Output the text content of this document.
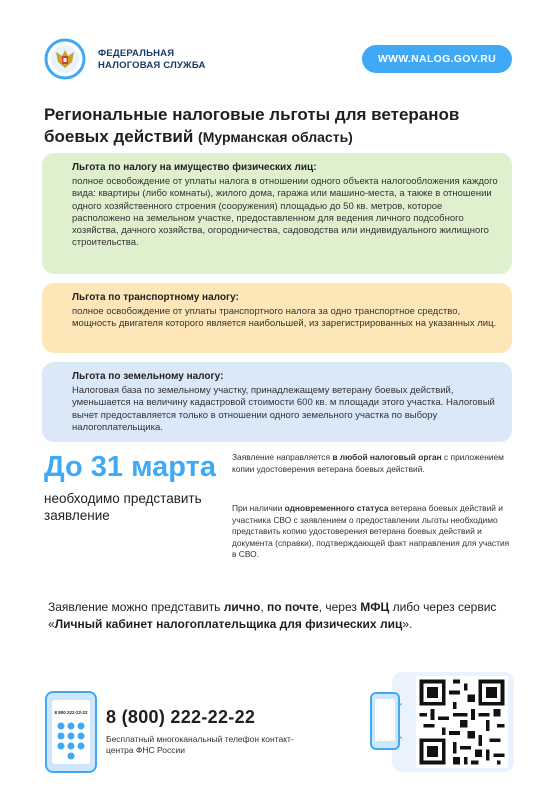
ФЕДЕРАЛЬНАЯ
НАЛОГОВАЯ СЛУЖБА
WWW.NALOG.GOV.RU
Региональные налоговые льготы для ветеранов боевых действий (Мурманская область)
Льгота по налогу на имущество физических лиц:
полное освобождение от уплаты налога в отношении одного объекта налогообложения каждого вида: квартиры (либо комнаты), жилого дома, гаража или машино-места, а также в отношении одного хозяйственного строения (сооружения) площадью до 50 кв. метров, которое расположено на земельном участке, предоставленном для ведения личного подсобного хозяйства, дачного хозяйства, огородничества, садоводства или индивидуального жилищного строительства.
Льгота по транспортному налогу:
полное освобождение от уплаты транспортного налога за одно транспортное средство, мощность двигателя которого является наибольшей, из зарегистрированных на указанных лиц.
Льгота по земельному налогу:
Налоговая база по земельному участку, принадлежащему ветерану боевых действий, уменьшается на величину кадастровой стоимости 600 кв. м площади этого участка. Налоговый вычет предоставляется только в отношении одного земельного участка по выбору налогоплательщика.
До 31 марта
необходимо представить заявление
Заявление направляется в любой налоговый орган с приложением копии удостоверения ветерана боевых действий.
При наличии одновременного статуса ветерана боевых действий и участника СВО с заявлением о предоставлении льготы необходимо представить копию удостоверения ветерана боевых действий и документа (справки), подтверждающей факт направления для участия в СВО.
Заявление можно представить лично, по почте, через МФЦ либо через сервис «Личный кабинет налогоплательщика для физических лиц».
8 800 222-22-22 8 (800) 222-22-22
Бесплатный многоканальный телефон контакт-центра ФНС России
